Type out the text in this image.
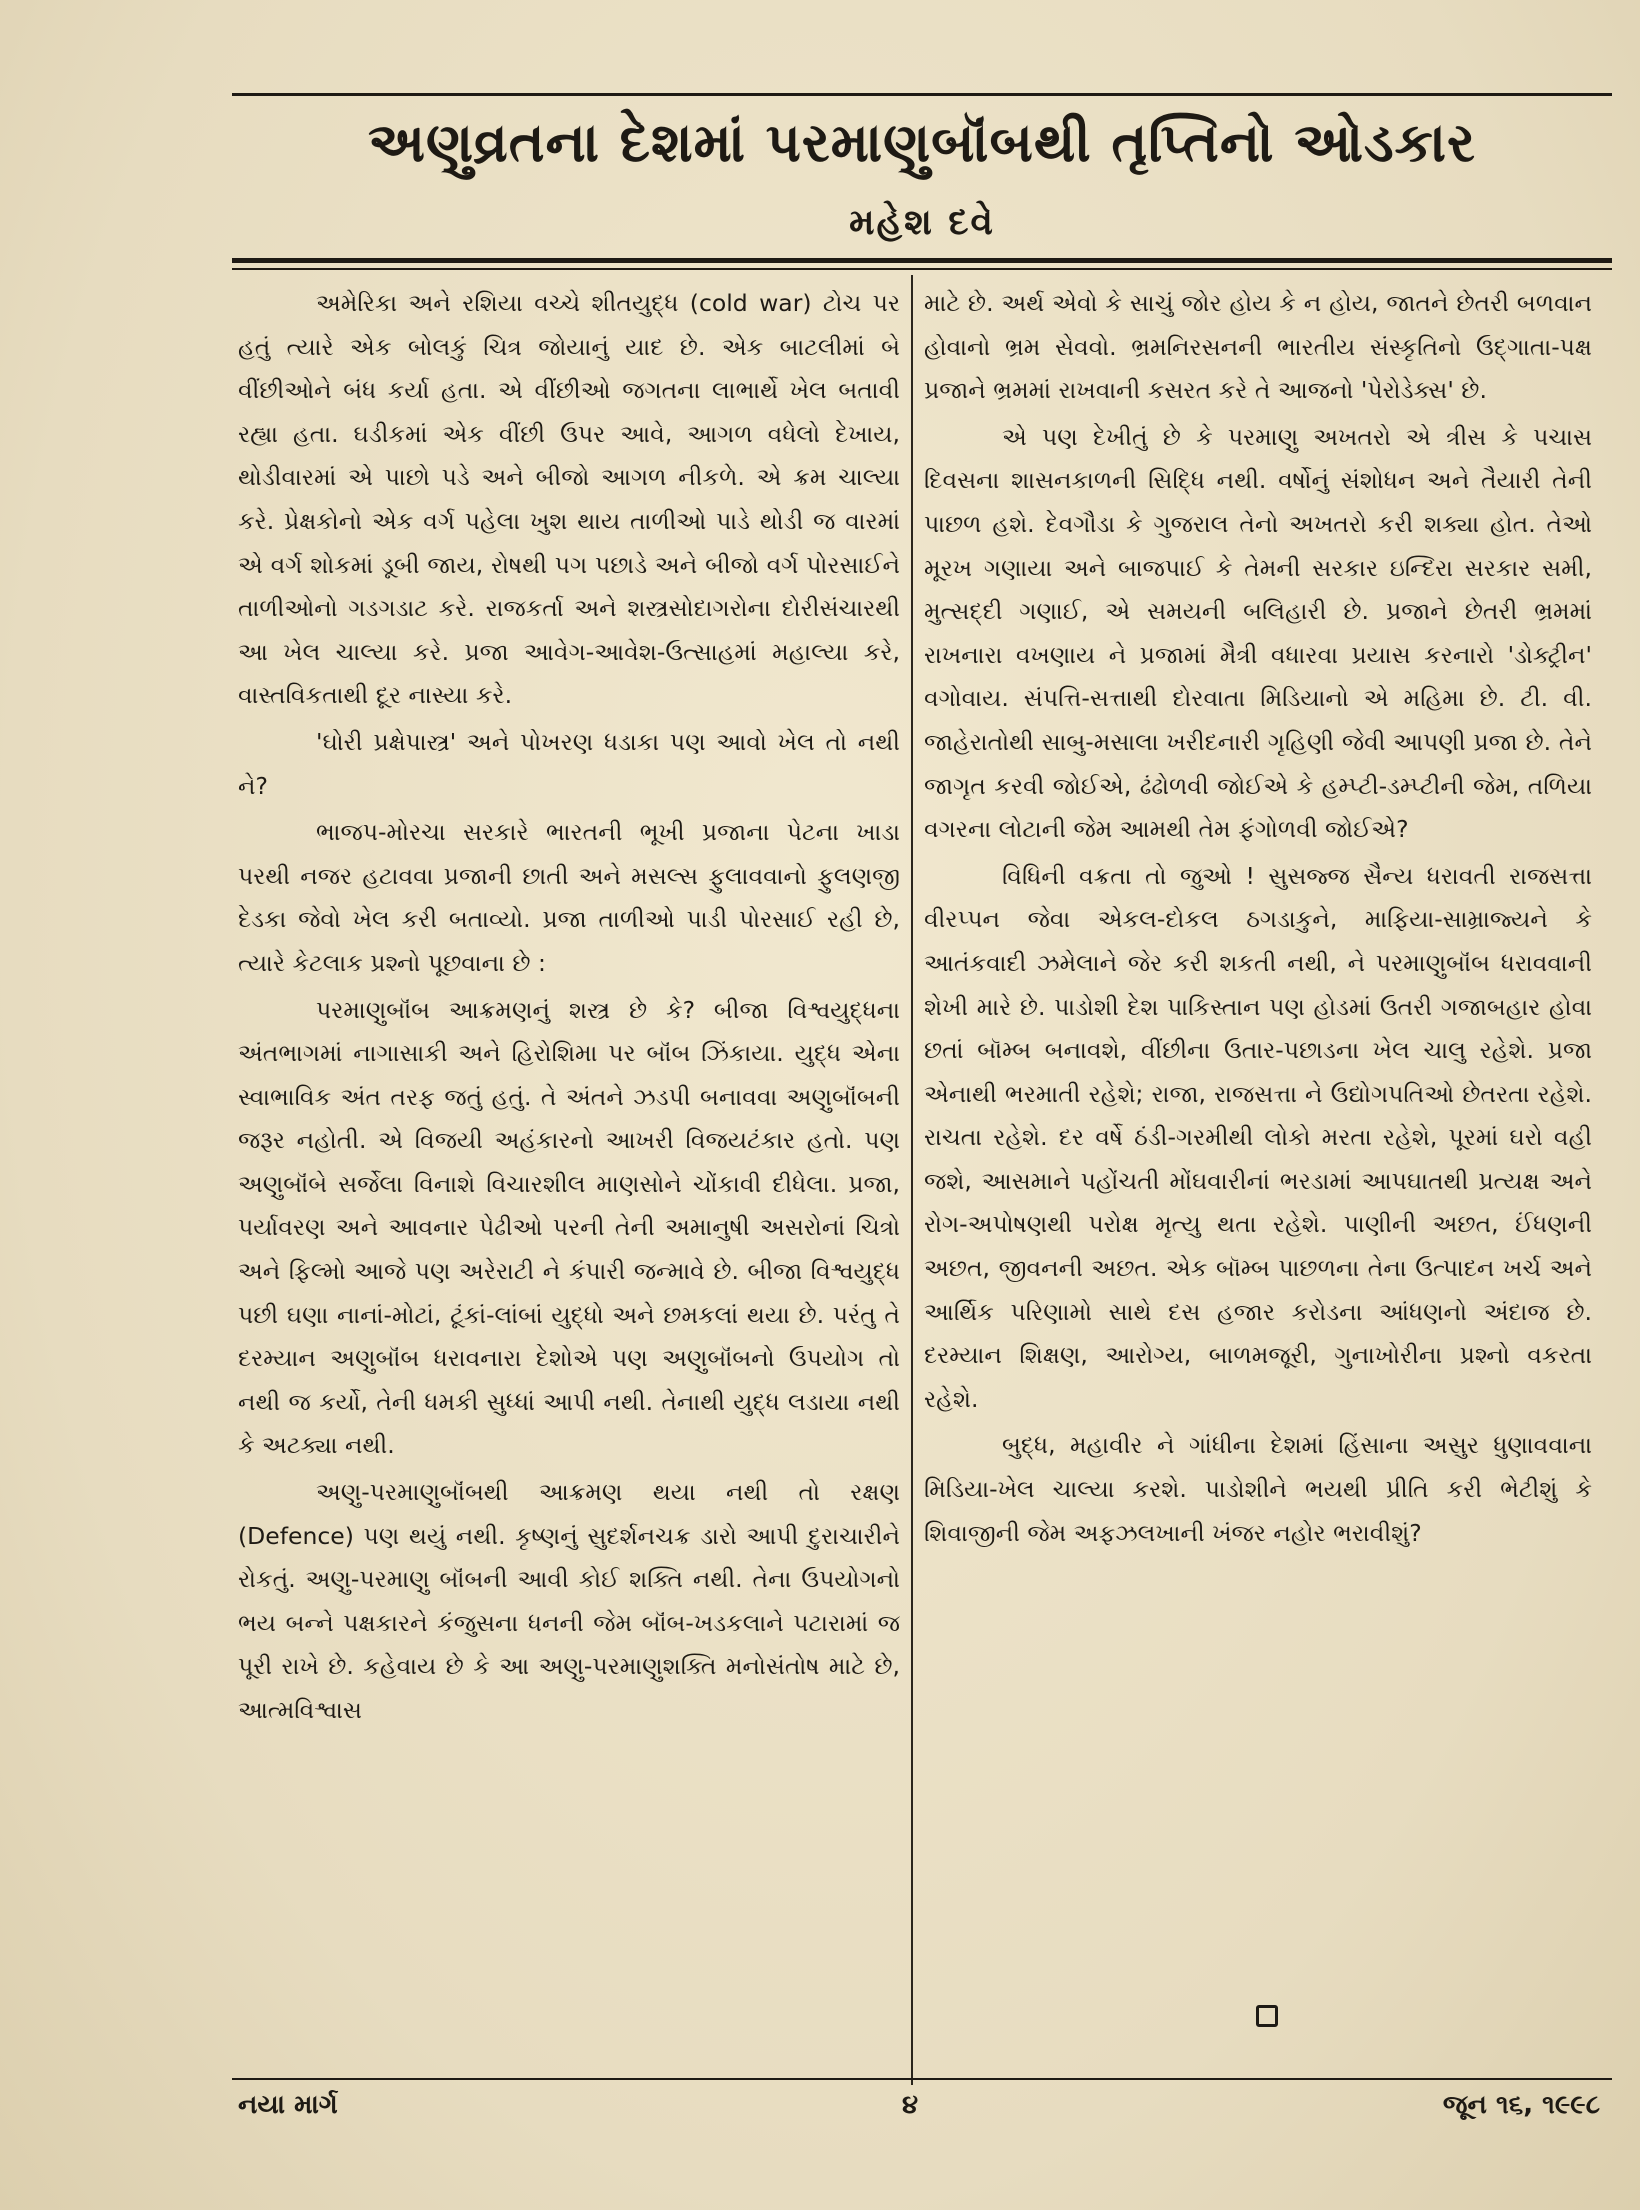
અણુવ્રતના દેશમાં પરમાણુબૉંબથી તૃપ્તિનો ઓડકાર
મહેશ દવે

અમેરિકા અને રશિયા વચ્ચે શીતયુદ્ધ (cold war) ટોચ પર હતું ત્યારે એક બોલકું ચિત્ર જોયાનું યાદ છે. એક બાટલીમાં બે વીંછીઓને બંધ કર્યા હતા. એ વીંછીઓ જગતના લાભાર્થે ખેલ બતાવી રહ્યા હતા. ઘડીકમાં એક વીંછી ઉપર આવે, આગળ વધેલો દેખાય, થોડીવારમાં એ પાછો પડે અને બીજો આગળ નીકળે. એ ક્રમ ચાલ્યા કરે. પ્રેક્ષકોનો એક વર્ગ પહેલા ખુશ થાય તાળીઓ પાડે થોડી જ વારમાં એ વર્ગ શોકમાં ડૂબી જાય, રોષથી પગ પછાડે અને બીજો વર્ગ પોરસાઈને તાળીઓનો ગડગડાટ કરે. રાજકર્તા અને શસ્ત્રસોદાગરોના દોરીસંચારથી આ ખેલ ચાલ્યા કરે. પ્રજા આવેગ-આવેશ-ઉત્સાહમાં મહાલ્યા કરે, વાસ્તવિકતાથી દૂર નાસ્યા કરે.

'ઘોરી પ્રક્ષેપાસ્ત્ર' અને પોખરણ ધડાકા પણ આવો ખેલ તો નથી ને?

ભાજપ-મોરચા સરકારે ભારતની ભૂખી પ્રજાના પેટના ખાડા પરથી નજર હટાવવા પ્રજાની છાતી અને મસલ્સ ફુલાવવાનો ફુલણજી દેડકા જેવો ખેલ કરી બતાવ્યો. પ્રજા તાળીઓ પાડી પોરસાઈ રહી છે, ત્યારે કેટલાક પ્રશ્નો પૂછવાના છે :

પરમાણુબૉંબ આક્રમણનું શસ્ત્ર છે કે? બીજા વિશ્વયુદ્ધના અંતભાગમાં નાગાસાકી અને હિરોશિમા પર બૉંબ ઝિંકાયા. યુદ્ધ એના સ્વાભાવિક અંત તરફ જતું હતું. તે અંતને ઝડપી બનાવવા અણુબૉંબની જરૂર નહોતી. એ વિજયી અહંકારનો આખરી વિજયટંકાર હતો. પણ અણુબૉંબે સર્જેલા વિનાશે વિચારશીલ માણસોને ચોંકાવી દીધેલા. પ્રજા, પર્યાવરણ અને આવનાર પેઢીઓ પરની તેની અમાનુષી અસરોનાં ચિત્રો અને ફિલ્મો આજે પણ અરેરાટી ને કંપારી જન્માવે છે. બીજા વિશ્વયુદ્ધ પછી ઘણા નાનાં-મોટાં, ટૂંકાં-લાંબાં યુદ્ધો અને છમકલાં થયા છે. પરંતુ તે દરમ્યાન અણુબૉંબ ધરાવનારા દેશોએ પણ અણુબૉંબનો ઉપયોગ તો નથી જ કર્યો, તેની ધમકી સુધ્ધાં આપી નથી. તેનાથી યુદ્ધ લડાયા નથી કે અટક્યા નથી.

અણુ-પરમાણુબૉંબથી આક્રમણ થયા નથી તો રક્ષણ (Defence) પણ થયું નથી. કૃષ્ણનું સુદર્શનચક્ર ડારો આપી દુરાચારીને રોકતું. અણુ-પરમાણુ બૉંબની આવી કોઈ શક્તિ નથી. તેના ઉપયોગનો ભય બન્ને પક્ષકારને કંજુસના ધનની જેમ બૉંબ-ખડકલાને પટારામાં જ પૂરી રાખે છે. કહેવાય છે કે આ અણુ-પરમાણુશક્તિ મનોસંતોષ માટે છે, આત્મવિશ્વાસ

માટે છે. અર્થ એવો કે સાચું જોર હોય કે ન હોય, જાતને છેતરી બળવાન હોવાનો ભ્રમ સેવવો. ભ્રમનિરસનની ભારતીય સંસ્કૃતિનો ઉદ્‌ગાતા-પક્ષ પ્રજાને ભ્રમમાં રાખવાની કસરત કરે તે આજનો 'પેરોડેક્સ' છે.

એ પણ દેખીતું છે કે પરમાણુ અખતરો એ ત્રીસ કે પચાસ દિવસના શાસનકાળની સિદ્ધિ નથી. વર્ષોનું સંશોધન અને તૈયારી તેની પાછળ હશે. દેવગૌડા કે ગુજરાલ તેનો અખતરો કરી શક્યા હોત. તેઓ મૂરખ ગણાયા અને બાજપાઈ કે તેમની સરકાર ઇન્દિરા સરકાર સમી, મુત્સદ્દી ગણાઈ, એ સમયની બલિહારી છે. પ્રજાને છેતરી ભ્રમમાં રાખનારા વખણાય ને પ્રજામાં મૈત્રી વધારવા પ્રયાસ કરનારો 'ડોક્ટ્રીન' વગોવાય. સંપત્તિ-સત્તાથી દોરવાતા મિડિયાનો એ મહિમા છે. ટી. વી. જાહેરાતોથી સાબુ-મસાલા ખરીદનારી ગૃહિણી જેવી આપણી પ્રજા છે. તેને જાગૃત કરવી જોઈએ, ઢંઢોળવી જોઈએ કે હમ્પ્ટી-ડમ્પ્ટીની જેમ, તળિયા વગરના લોટાની જેમ આમથી તેમ ફંગોળવી જોઈએ?

વિધિની વક્રતા તો જુઓ ! સુસજ્જ સૈન્ય ધરાવતી રાજસત્તા વીરપ્પન જેવા એકલ-દોકલ ઠગડાકુને, માફિયા-સામ્રાજ્યને કે આતંકવાદી ઝમેલાને જેર કરી શકતી નથી, ને પરમાણુબૉંબ ધરાવવાની શેખી મારે છે. પાડોશી દેશ પાકિસ્તાન પણ હોડમાં ઉતરી ગજાબહાર હોવા છતાં બૉમ્બ બનાવશે, વીંછીના ઉતાર-પછાડના ખેલ ચાલુ રહેશે. પ્રજા એનાથી ભરમાતી રહેશે; રાજા, રાજસત્તા ને ઉદ્યોગપતિઓ છેતરતા રહેશે. રાચતા રહેશે. દર વર્ષે ઠંડી-ગરમીથી લોકો મરતા રહેશે, પૂરમાં ઘરો વહી જશે, આસમાને પહોંચતી મોંઘવારીનાં ભરડામાં આપઘાતથી પ્રત્યક્ષ અને રોગ-અપોષણથી પરોક્ષ મૃત્યુ થતા રહેશે. પાણીની અછત, ઈંધણની અછત, જીવનની અછત. એક બૉમ્બ પાછળના તેના ઉત્પાદન ખર્ચ અને આર્થિક પરિણામો સાથે દસ હજાર કરોડના આંધણનો અંદાજ છે. દરમ્યાન શિક્ષણ, આરોગ્ય, બાળમજૂરી, ગુનાખોરીના પ્રશ્નો વકરતા રહેશે.

બુદ્ધ, મહાવીર ને ગાંધીના દેશમાં હિંસાના અસુર ધુણાવવાના મિડિયા-ખેલ ચાલ્યા કરશે. પાડોશીને ભયથી પ્રીતિ કરી ભેટીશું કે શિવાજીની જેમ અફઝલખાની ખંજર નહોર ભરાવીશું?

નયા માર્ગ	૪	જૂન ૧૬, ૧૯૯૮
